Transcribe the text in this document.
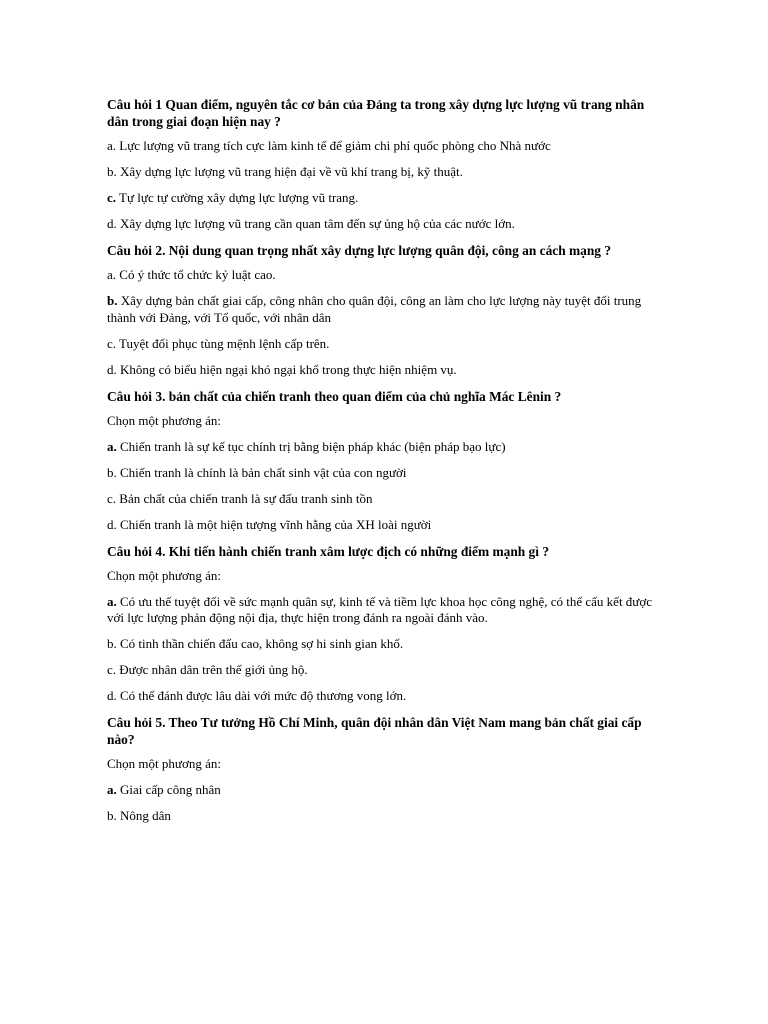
Câu hỏi 1 Quan điểm, nguyên tắc cơ bản của Đảng ta trong xây dựng lực lượng vũ trang nhân dân trong giai đoạn hiện nay ?
a. Lực lượng vũ trang tích cực làm kinh tế để giảm chi phí quốc phòng cho Nhà nước
b. Xây dựng lực lượng vũ trang hiện đại về vũ khí trang bị, kỹ thuật.
c. Tự lực tự cường xây dựng lực lượng vũ trang.
d. Xây dựng lực lượng vũ trang cần quan tâm đến sự ủng hộ của các nước lớn.
Câu hỏi 2. Nội dung quan trọng nhất xây dựng lực lượng quân đội, công an cách mạng ?
a. Có ý thức tổ chức kỷ luật cao.
b. Xây dựng bản chất giai cấp, công nhân cho quân đội, công an làm cho lực lượng này tuyệt đối trung thành với Đảng, với Tổ quốc, với nhân dân
c. Tuyệt đối phục tùng mệnh lệnh cấp trên.
d. Không có biểu hiện ngại khó ngại khổ trong thực hiện nhiệm vụ.
Câu hỏi 3. bản chất của chiến tranh theo quan điểm của chủ nghĩa Mác Lênin ?
Chọn một phương án:
a. Chiến tranh là sự kế tục chính trị bằng biện pháp khác (biện pháp bạo lực)
b. Chiến tranh là chính là bản chất sinh vật của con người
c. Bản chất của chiến tranh là sự đấu tranh sinh tồn
d. Chiến tranh là một hiện tượng vĩnh hằng của XH loài người
Câu hỏi 4. Khi tiến hành chiến tranh xâm lược địch có những điểm mạnh gì ?
Chọn một phương án:
a. Có ưu thế tuyệt đối về sức mạnh quân sự, kinh tế và tiềm lực khoa học công nghệ, có thể cấu kết được với lực lượng phản động nội địa, thực hiện trong đánh ra ngoài đánh vào.
b. Có tinh thần chiến đấu cao, không sợ hi sinh gian khổ.
c. Được nhân dân trên thế giới ủng hộ.
d. Có thể đánh được lâu dài với mức độ thương vong lớn.
Câu hỏi 5. Theo Tư tưởng Hồ Chí Minh, quân đội nhân dân Việt Nam mang bản chất giai cấp nào?
Chọn một phương án:
a. Giai cấp công nhân
b. Nông dân
